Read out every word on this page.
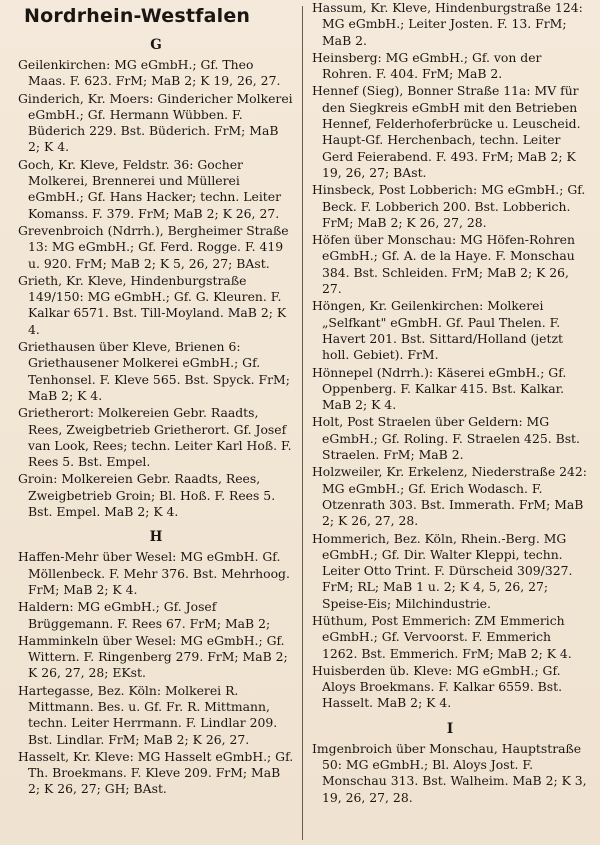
Nordrhein-Westfalen
G
Geilenkirchen: MG eGmbH.; Gf. Theo Maas. F. 623. FrM; MaB 2; K 19, 26, 27.
Ginderich, Kr. Moers: Gindericher Molkerei eGmbH.; Gf. Hermann Wübben. F. Büderich 229. Bst. Büderich. FrM; MaB 2; K 4.
Goch, Kr. Kleve, Feldstr. 36: Gocher Molkerei, Brennerei und Müllerei eGmbH.; Gf. Hans Hacker; techn. Leiter Komanss. F. 379. FrM; MaB 2; K 26, 27.
Grevenbroich (Ndrrh.), Bergheimer Straße 13: MG eGmbH.; Gf. Ferd. Rogge. F. 419 u. 920. FrM; MaB 2; K 5, 26, 27; BAst.
Grieth, Kr. Kleve, Hindenburgstraße 149/150: MG eGmbH.; Gf. G. Kleuren. F. Kalkar 6571. Bst. Till-Moyland. MaB 2; K 4.
Griethausen über Kleve, Brienen 6: Griethausener Molkerei eGmbH.; Gf. Tenhonsel. F. Kleve 565. Bst. Spyck. FrM; MaB 2; K 4.
Grietherort: Molkereien Gebr. Raadts, Rees, Zweigbetrieb Grietherort. Gf. Josef van Look, Rees; techn. Leiter Karl Hoß. F. Rees 5. Bst. Empel.
Groin: Molkereien Gebr. Raadts, Rees, Zweigbetrieb Groin; Bl. Hoß. F. Rees 5. Bst. Empel. MaB 2; K 4.
H
Haffen-Mehr über Wesel: MG eGmbH. Gf. Möllenbeck. F. Mehr 376. Bst. Mehrhoog. FrM; MaB 2; K 4.
Haldern: MG eGmbH.; Gf. Josef Brüggemann. F. Rees 67. FrM; MaB 2;
Hamminkeln über Wesel: MG eGmbH.; Gf. Wittern. F. Ringenberg 279. FrM; MaB 2; K 26, 27, 28; EKst.
Hartegasse, Bez. Köln: Molkerei R. Mittmann. Bes. u. Gf. Fr. R. Mittmann, techn. Leiter Herrmann. F. Lindlar 209. Bst. Lindlar. FrM; MaB 2; K 26, 27.
Hasselt, Kr. Kleve: MG Hasselt eGmbH.; Gf. Th. Broekmans. F. Kleve 209. FrM; MaB 2; K 26, 27; GH; BAst.
Hassum, Kr. Kleve, Hindenburgstraße 124: MG eGmbH.; Leiter Josten. F. 13. FrM; MaB 2.
Heinsberg: MG eGmbH.; Gf. von der Rohren. F. 404. FrM; MaB 2.
Hennef (Sieg), Bonner Straße 11a: MV für den Siegkreis eGmbH mit den Betrieben Hennef, Felderhoferbrücke u. Leuscheid. Haupt-Gf. Herchenbach, techn. Leiter Gerd Feierabend. F. 493. FrM; MaB 2; K 19, 26, 27; BAst.
Hinsbeck, Post Lobberich: MG eGmbH.; Gf. Beck. F. Lobberich 200. Bst. Lobberich. FrM; MaB 2; K 26, 27, 28.
Höfen über Monschau: MG Höfen-Rohren eGmbH.; Gf. A. de la Haye. F. Monschau 384. Bst. Schleiden. FrM; MaB 2; K 26, 27.
Höngen, Kr. Geilenkirchen: Molkerei „Selfkant" eGmbH. Gf. Paul Thelen. F. Havert 201. Bst. Sittard/Holland (jetzt holl. Gebiet). FrM.
Hönnepel (Ndrrh.): Käserei eGmbH.; Gf. Oppenberg. F. Kalkar 415. Bst. Kalkar. MaB 2; K 4.
Holt, Post Straelen über Geldern: MG eGmbH.; Gf. Roling. F. Straelen 425. Bst. Straelen. FrM; MaB 2.
Holzweiler, Kr. Erkelenz, Niederstraße 242: MG eGmbH.; Gf. Erich Wodasch. F. Otzenrath 303. Bst. Immerath. FrM; MaB 2; K 26, 27, 28.
Hommerich, Bez. Köln, Rhein.-Berg. MG eGmbH.; Gf. Dir. Walter Kleppi, techn. Leiter Otto Trint. F. Dürscheid 309/327. FrM; RL; MaB 1 u. 2; K 4, 5, 26, 27; Speise-Eis; Milchindustrie.
Hüthum, Post Emmerich: ZM Emmerich eGmbH.; Gf. Vervoorst. F. Emmerich 1262. Bst. Emmerich. FrM; MaB 2; K 4.
Huisberden üb. Kleve: MG eGmbH.; Gf. Aloys Broekmans. F. Kalkar 6559. Bst. Hasselt. MaB 2; K 4.
I
Imgenbroich über Monschau, Hauptstraße 50: MG eGmbH.; Bl. Aloys Jost. F. Monschau 313. Bst. Walheim. MaB 2; K 3, 19, 26, 27, 28.
